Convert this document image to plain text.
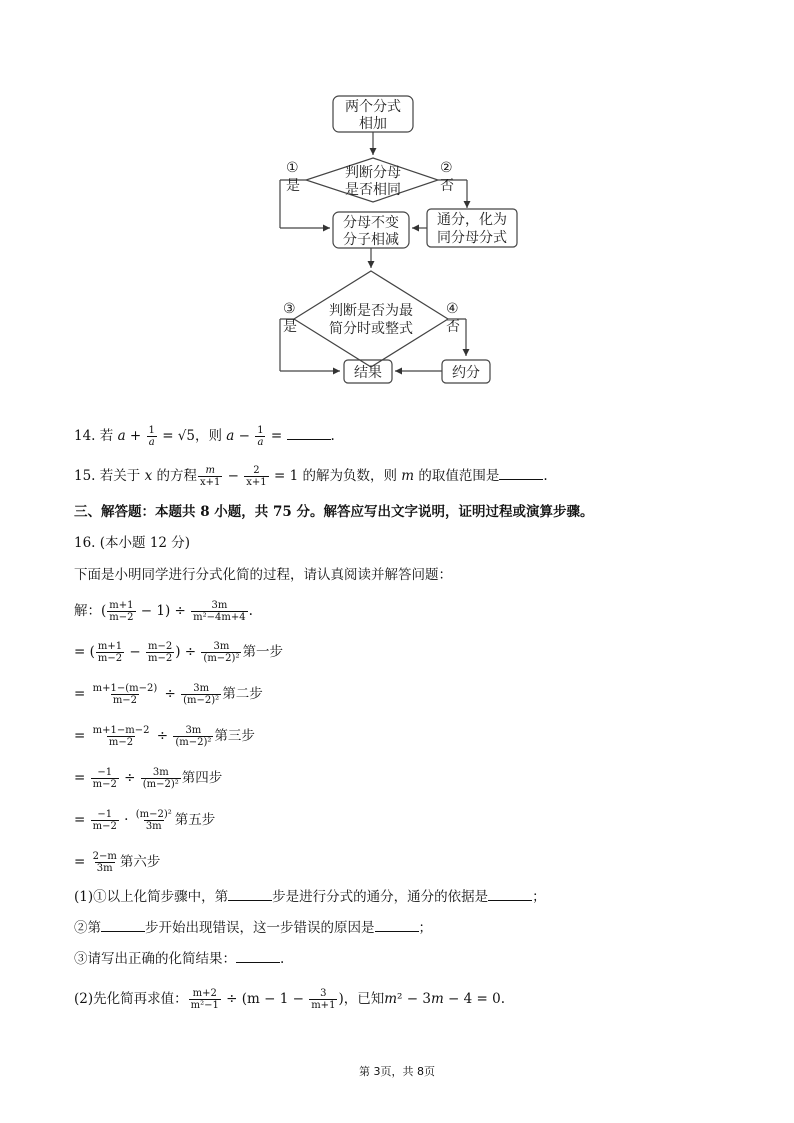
两个分式
相加
判断分母
是否相同
①
是
②
否
分母不变
分子相减
通分，化为
同分母分式
判断是否为最
简分时或整式
③
是
④
否
结果	约分
14. 若 $a + \frac{1}{a} = √5$，则 $a - \frac{1}{a}$ =	.
15. 若关于 x 的方程 $\frac{m}{x+1} - \frac{2}{x+1} = 1$ 的解为负数，则 m 的取值范围是	.
三、解答题：本题共 8 小题，共 75 分。解答应写出文字说明，证明过程或演算步骤。
16. (本小题 12 分)
下面是小明同学进行分式化简的过程，请认真阅读并解答问题：
解：( $\frac{m+1}{m-2} - 1) \div \frac{3m}{\text{m²−4m+4}}$ .
= ( $\frac{m+1}{m-2} - \frac{m-2}{m-2}$ ) ÷ $\frac{3m}{\text{(m−2)²}}$ 第一步
= $\frac{m+1-(m-2)}{m-2} \div \frac{3m}{\text{(m−2)²}}$ 第二步
= $\frac{m+1-m-2}{m-2} \div \frac{3m}{\text{(m−2)²}}$ 第三步
= $\frac{-1}{m-2} \div \frac{3m}{\text{(m−2)²}}$ 第四步
= $\frac{-1}{m-2} \cdot \frac{\text{(m−2)²}}{3m}$ 第五步
= $\frac{2-m}{3m}$ 第六步
(1)①以上化简步骤中，第	步是进行分式的通分，通分的依据是	；
②第	步开始出现错误，这一步错误的原因是	；
③请写出正确的化简结果：	.
(2)先化简再求值： $\frac{m+2}{\text{m²−1}} \div (m - 1 - \frac{3}{m+1}$ )，已知m² − 3m − 4 = 0.
第 3页，共 8页
